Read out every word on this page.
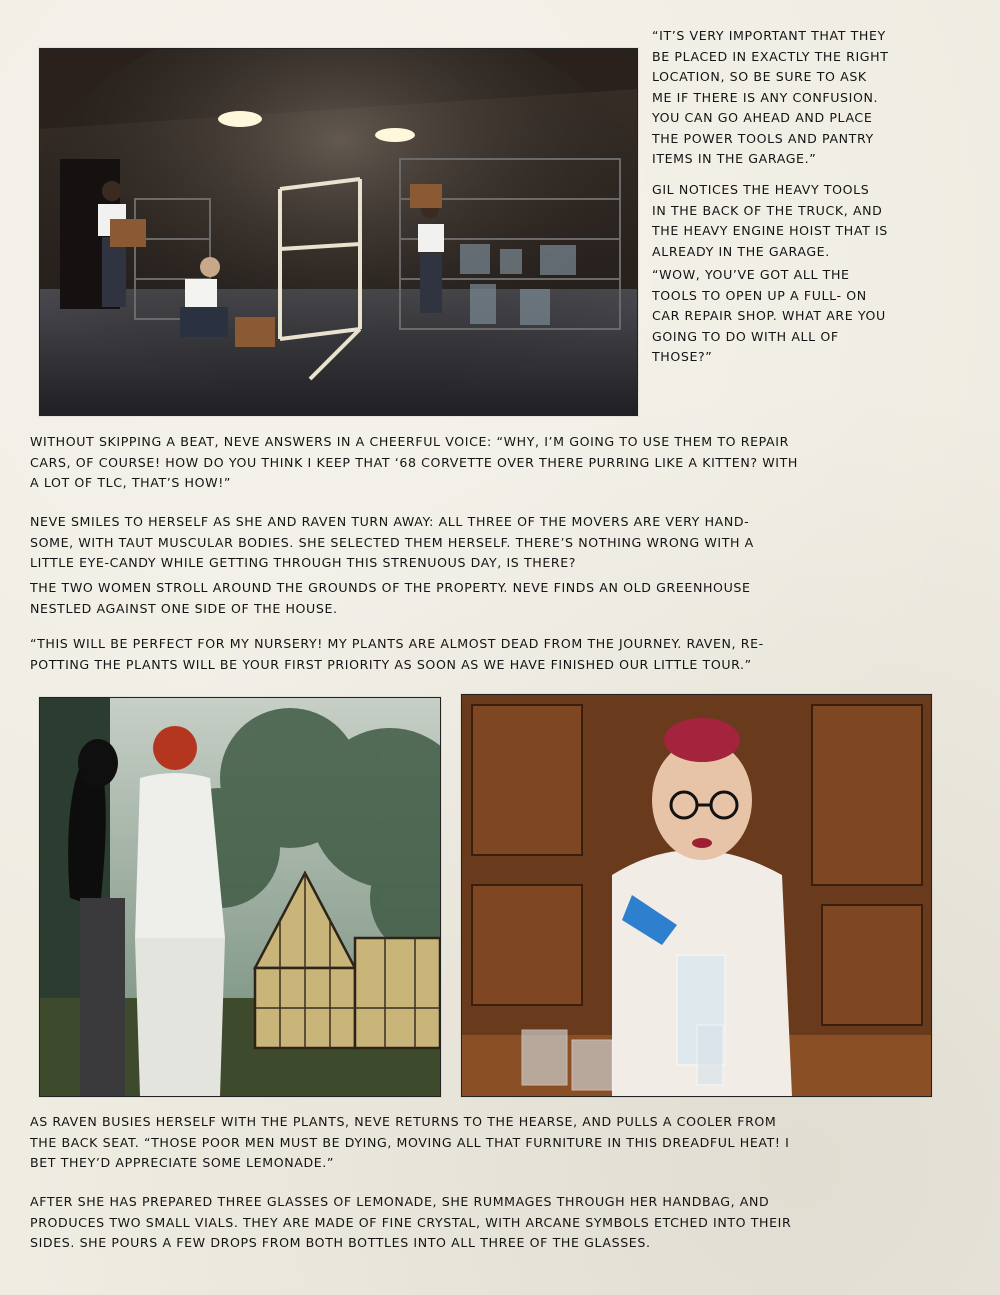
“IT’S VERY IMPORTANT THAT THEY
BE PLACED IN EXACTLY THE RIGHT
LOCATION, SO BE SURE TO ASK
ME IF THERE IS ANY CONFUSION.
YOU CAN GO AHEAD AND PLACE
THE POWER TOOLS AND PANTRY
ITEMS IN THE GARAGE.”

GIL NOTICES THE HEAVY TOOLS
IN THE BACK OF THE TRUCK, AND
THE HEAVY ENGINE HOIST THAT IS
ALREADY IN THE GARAGE.

“WOW, YOU’VE GOT ALL THE
TOOLS TO OPEN UP A FULL- ON
CAR REPAIR SHOP. WHAT ARE YOU
GOING TO DO WITH ALL OF
THOSE?”

WITHOUT SKIPPING A BEAT, NEVE ANSWERS IN A CHEERFUL VOICE: “WHY, I’M GOING TO USE THEM TO REPAIR
CARS, OF COURSE! HOW DO YOU THINK I KEEP THAT ‘68 CORVETTE OVER THERE PURRING LIKE A KITTEN? WITH
A LOT OF TLC, THAT’S HOW!”

NEVE SMILES TO HERSELF AS SHE AND RAVEN TURN AWAY: ALL THREE OF THE MOVERS ARE VERY HAND-
SOME, WITH TAUT MUSCULAR BODIES. SHE SELECTED THEM HERSELF. THERE’S NOTHING WRONG WITH A
LITTLE EYE-CANDY WHILE GETTING THROUGH THIS STRENUOUS DAY, IS THERE?

THE TWO WOMEN STROLL AROUND THE GROUNDS OF THE PROPERTY. NEVE FINDS AN OLD GREENHOUSE
NESTLED AGAINST ONE SIDE OF THE HOUSE.

“THIS WILL BE PERFECT FOR MY NURSERY! MY PLANTS ARE ALMOST DEAD FROM THE JOURNEY. RAVEN, RE-
POTTING THE PLANTS WILL BE YOUR FIRST PRIORITY AS SOON AS WE HAVE FINISHED OUR LITTLE TOUR.”

AS RAVEN BUSIES HERSELF WITH THE PLANTS, NEVE RETURNS TO THE HEARSE, AND PULLS A COOLER FROM
THE BACK SEAT. “THOSE POOR MEN MUST BE DYING, MOVING ALL THAT FURNITURE IN THIS DREADFUL HEAT! I
BET THEY’D APPRECIATE SOME LEMONADE.”

AFTER SHE HAS PREPARED THREE GLASSES OF LEMONADE, SHE RUMMAGES THROUGH HER HANDBAG, AND
PRODUCES TWO SMALL VIALS. THEY ARE MADE OF FINE CRYSTAL, WITH ARCANE SYMBOLS ETCHED INTO THEIR
SIDES. SHE POURS A FEW DROPS FROM BOTH BOTTLES INTO ALL THREE OF THE GLASSES.
